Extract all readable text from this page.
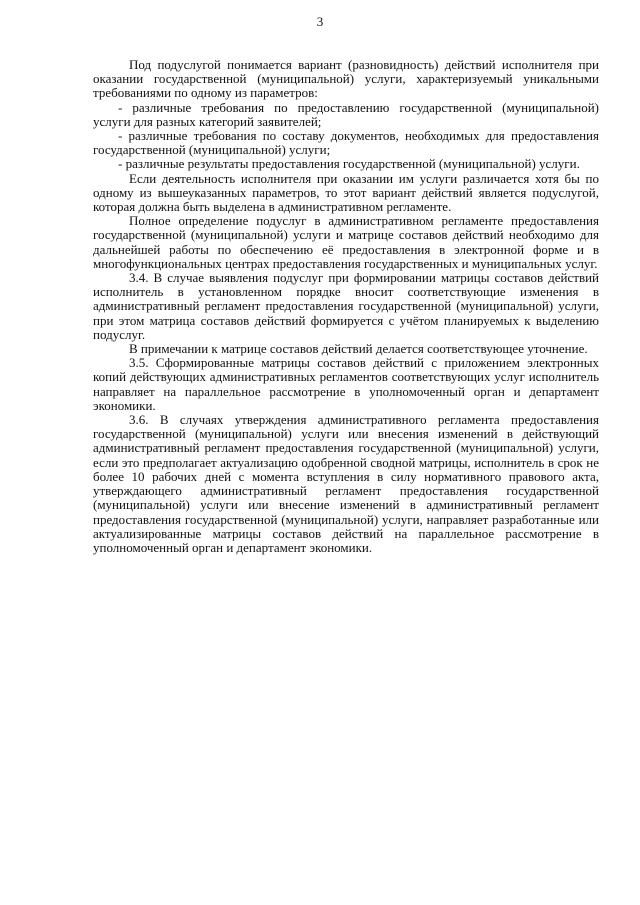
3

Под подуслугой понимается вариант (разновидность) действий исполнителя при оказании государственной (муниципальной) услуги, характеризуемый уникальными требованиями по одному из параметров:

- различные требования по предоставлению государственной (муниципальной) услуги для разных категорий заявителей;

- различные требования по составу документов, необходимых для предоставления государственной (муниципальной) услуги;

- различные результаты предоставления государственной (муниципальной) услуги.

Если деятельность исполнителя при оказании им услуги различается хотя бы по одному из вышеуказанных параметров, то этот вариант действий является подуслугой, которая должна быть выделена в административном регламенте.

Полное определение подуслуг в административном регламенте предоставления государственной (муниципальной) услуги и матрице составов действий необходимо для дальнейшей работы по обеспечению её предоставления в электронной форме и в многофункциональных центрах предоставления государственных и муниципальных услуг.

3.4. В случае выявления подуслуг при формировании матрицы составов действий исполнитель в установленном порядке вносит соответствующие изменения в административный регламент предоставления государственной (муниципальной) услуги, при этом матрица составов действий формируется с учётом планируемых к выделению подуслуг.

В примечании к матрице составов действий делается соответствующее уточнение.

3.5. Сформированные матрицы составов действий с приложением электронных копий действующих административных регламентов соответствующих услуг исполнитель направляет на параллельное рассмотрение в уполномоченный орган и департамент экономики.

3.6. В случаях утверждения административного регламента предоставления государственной (муниципальной) услуги или внесения изменений в действующий административный регламент предоставления государственной (муниципальной) услуги, если это предполагает актуализацию одобренной сводной матрицы, исполнитель в срок не более 10 рабочих дней с момента вступления в силу нормативного правового акта, утверждающего административный регламент предоставления государственной (муниципальной) услуги или внесение изменений в административный регламент предоставления государственной (муниципальной) услуги, направляет разработанные или актуализированные матрицы составов действий на параллельное рассмотрение в уполномоченный орган и департамент экономики.
